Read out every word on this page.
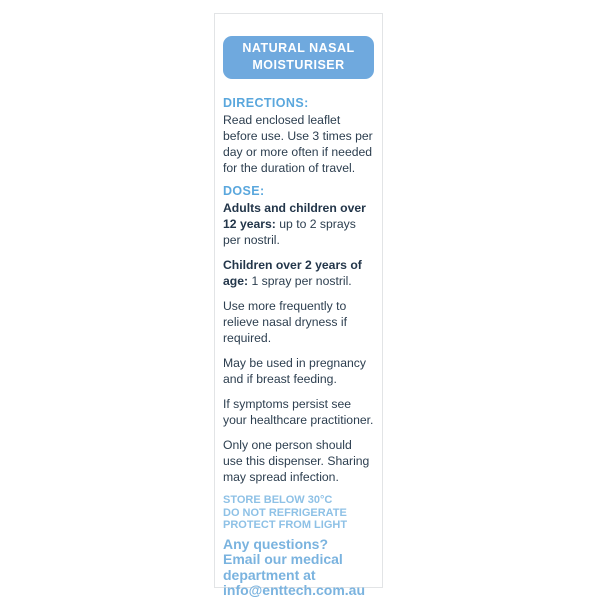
NATURAL NASAL
MOISTURISER
DIRECTIONS:
Read enclosed leaflet before use. Use 3 times per day or more often if needed for the duration of travel.
DOSE:
Adults and children over 12 years: up to 2 sprays per nostril.
Children over 2 years of age: 1 spray per nostril.
Use more frequently to relieve nasal dryness if required.
May be used in pregnancy and if breast feeding.
If symptoms persist see your healthcare practitioner.
Only one person should use this dispenser. Sharing may spread infection.
STORE BELOW 30°C
DO NOT REFRIGERATE
PROTECT FROM LIGHT
Any questions?
Email our medical
department at
info@enttech.com.au
